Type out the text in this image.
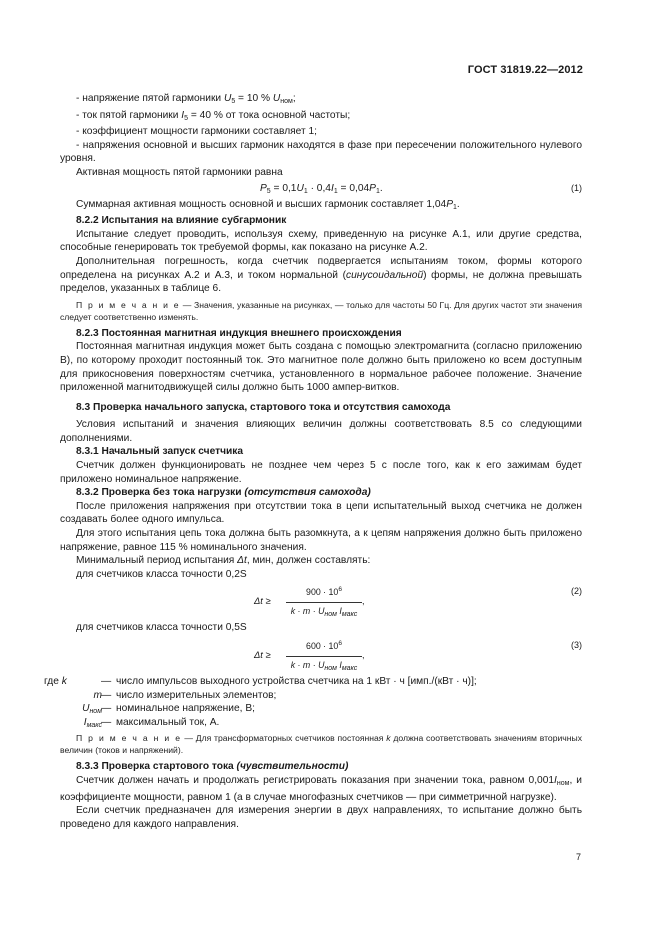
ГОСТ 31819.22—2012

- напряжение пятой гармоники $U_5 = 10$ % $U_{ном}$;

- ток пятой гармоники $I_5 = 40$ % от тока основной частоты;

- коэффициент мощности гармоники составляет 1;

- напряжения основной и высших гармоник находятся в фазе при пересечении положительного нулевого уровня.

Активная мощность пятой гармоники равна

$P_5 = 0,1U_1 \cdot 0,4I_1 = 0,04P_1$.	(1)

Суммарная активная мощность основной и высших гармоник составляет $1,04P_1$.

8.2.2 Испытания на влияние субгармоник

Испытание следует проводить, используя схему, приведенную на рисунке А.1, или другие средства, способные генерировать ток требуемой формы, как показано на рисунке А.2.

Дополнительная погрешность, когда счетчик подвергается испытаниям током, формы которого определена на рисунках А.2 и А.3, и током нормальной (синусоидальной) формы, не должна превышать пределов, указанных в таблице 6.

П р и м е ч а н и е — Значения, указанные на рисунках, — только для частоты 50 Гц. Для других частот эти значения следует соответственно изменять.
8.2.3 Постоянная магнитная индукция внешнего происхождения

Постоянная магнитная индукция может быть создана с помощью электромагнита (согласно приложению В), по которому проходит постоянный ток. Это магнитное поле должно быть приложено ко всем доступным для прикосновения поверхностям счетчика, установленного в нормальное рабочее положение. Значение приложенной магнитодвижущей силы должно быть 1000 ампер-витков.

8.3 Проверка начального запуска, стартового тока и отсутствия самохода

Условия испытаний и значения влияющих величин должны соответствовать 8.5 со следующими дополнениями.

8.3.1 Начальный запуск счетчика

Счетчик должен функционировать не позднее чем через 5 с после того, как к его зажимам будет приложено номинальное напряжение.

8.3.2 Проверка без тока нагрузки (отсутствия самохода)

После приложения напряжения при отсутствии тока в цепи испытательный выход счетчика не должен создавать более одного импульса.

Для этого испытания цепь тока должна быть разомкнута, а к цепям напряжения должно быть приложено напряжение, равное 115 % номинального значения.

Минимальный период испытания Δt, мин, должен составлять:

для счетчиков класса точности 0,2S

Δt ≥
$900 \cdot 10^6$
$k \cdot m \cdot U_{ном}$ $I_{макс}$
,
(2)

для счетчиков класса точности 0,5S

Δt ≥
$600 \cdot 10^6$
$k \cdot m \cdot U_{ном}$ $I_{макс}$
,
(3)
где k	— число импульсов выходного устройства счетчика на 1 кВт · ч [имп./(кВт · ч)];
m — число измерительных элементов;
$U_{ном}$ — номинальное напряжение, В;
$I_{макс}$ — максимальный ток, А.
П р и м е ч а н и е — Для трансформаторных счетчиков постоянная k должна соответствовать значениям вторичных величин (токов и напряжений).
8.3.3 Проверка стартового тока (чувствительности)

Счетчик должен начать и продолжать регистрировать показания при значении тока, равном $0,001I_{ном}$, и коэффициенте мощности, равном 1 (а в случае многофазных счетчиков — при симметричной нагрузке).

Если счетчик предназначен для измерения энергии в двух направлениях, то испытание должно быть проведено для каждого направления.

7
